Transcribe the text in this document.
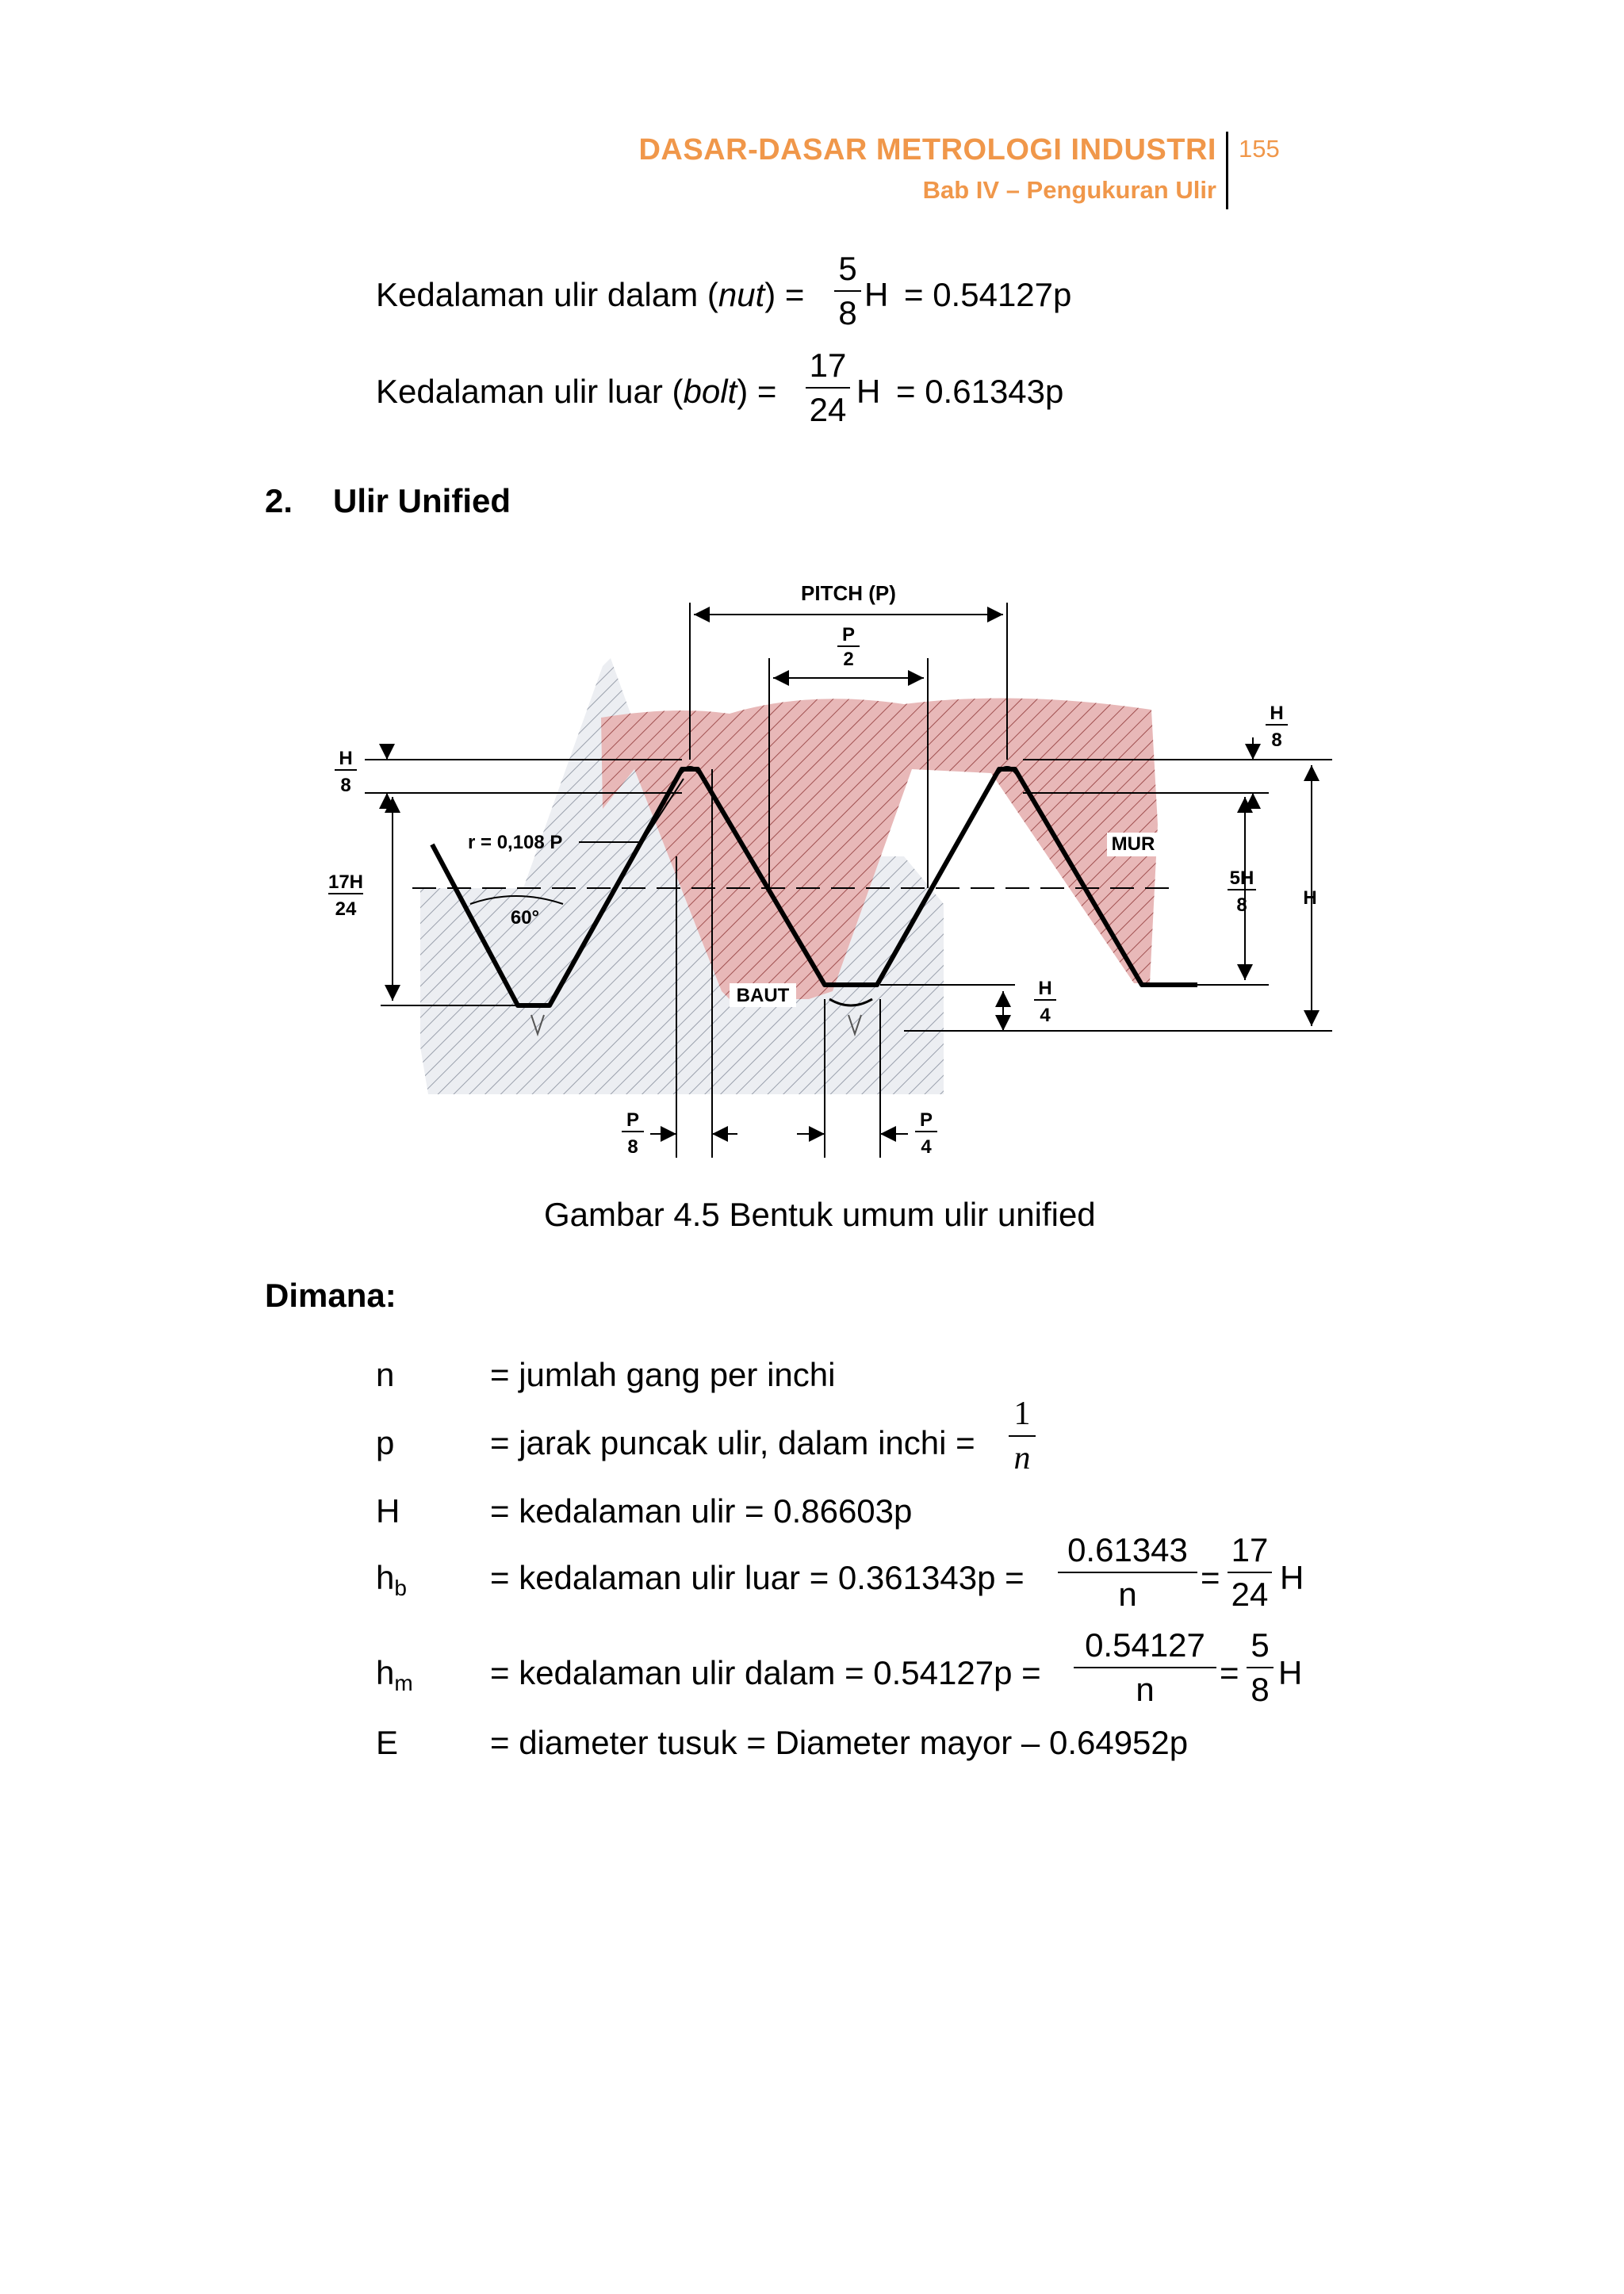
DASAR-DASAR METROLOGI INDUSTRI
Bab IV – Pengukuran Ulir
155
Kedalaman ulir dalam (nut) =
5
8 H = 0.54127p
Kedalaman ulir luar (bolt) =
17
24 H = 0.61343p
2. Ulir Unified
PITCH (P)
P
2
H
8
17H
24
r = 0,108 P
60°
MUR
BAUT
H
8
5H
8	H
H
4
P
8
P
4
Gambar 4.5 Bentuk umum ulir unified
Dimana:
n	= jumlah gang per inchi
p	= jarak puncak ulir, dalam inchi =
1
n
H	= kedalaman ulir = 0.86603p
$h_b$	= kedalaman ulir luar = 0.361343p =
0.61343
n	=
17
24 H
$h_m$ = kedalaman ulir dalam = 0.54127p =
0.54127
n	=
5
8 H
E	= diameter tusuk = Diameter mayor – 0.64952p
